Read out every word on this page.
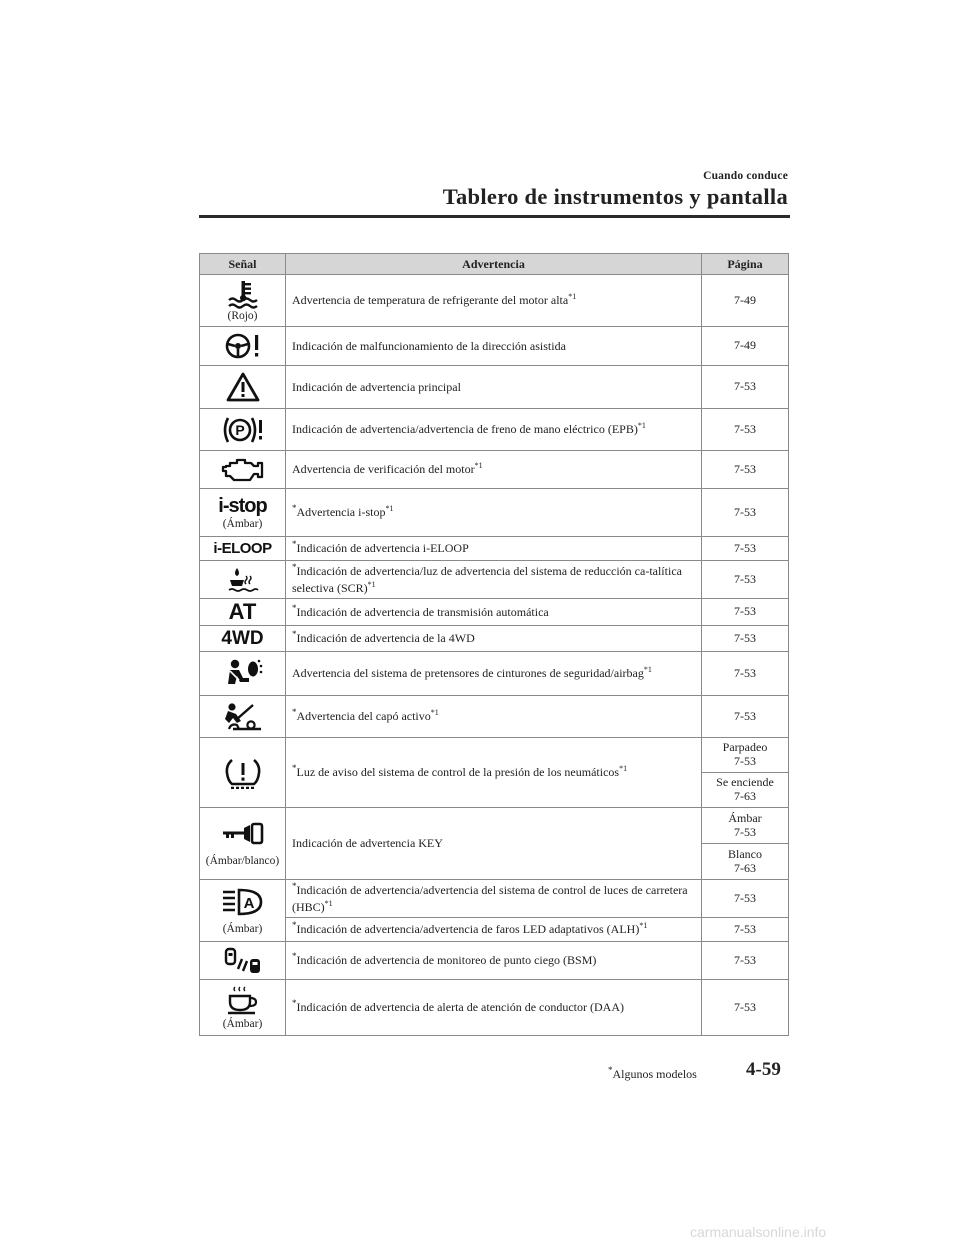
Cuando conduce
Tablero de instrumentos y pantalla
Señal	Advertencia	Página

(Rojo)	Advertencia de temperatura de refrigerante del motor alta$^{*1}$	7-49

	Indicación de malfuncionamiento de la dirección asistida	7-49

	Indicación de advertencia principal	7-53

P	Indicación de advertencia/advertencia de freno de mano eléctrico (EPB)$^{*1}$	7-53

	Advertencia de verificación del motor$^{*1}$	7-53

i-stop
(Ámbar)	*Advertencia i-stop$^{*1}$	7-53

i-ELOOP	*Indicación de advertencia i-ELOOP	7-53

	*Indicación de advertencia/luz de advertencia del sistema de reducción ca-talítica selectiva (SCR)$^{*1}$	7-53

AT	*Indicación de advertencia de transmisión automática	7-53

4WD	*Indicación de advertencia de la 4WD	7-53

	Advertencia del sistema de pretensores de cinturones de seguridad/airbag$^{*1}$	7-53

	*Advertencia del capó activo$^{*1}$	7-53

	*Luz de aviso del sistema de control de la presión de los neumáticos$^{*1}$	Parpadeo
7-53
		Se enciende
7-63

(Ámbar/blanco)	Indicación de advertencia KEY	Ámbar
7-53
		Blanco
7-63

A
(Ámbar)	*Indicación de advertencia/advertencia del sistema de control de luces de carretera (HBC)$^{*1}$	7-53
	*Indicación de advertencia/advertencia de faros LED adaptativos (ALH)$^{*1}$	7-53

	*Indicación de advertencia de monitoreo de punto ciego (BSM)	7-53

(Ámbar)	*Indicación de advertencia de alerta de atención de conductor (DAA)	7-53
*Algunos modelos	4-59
carmanualsonline.info
